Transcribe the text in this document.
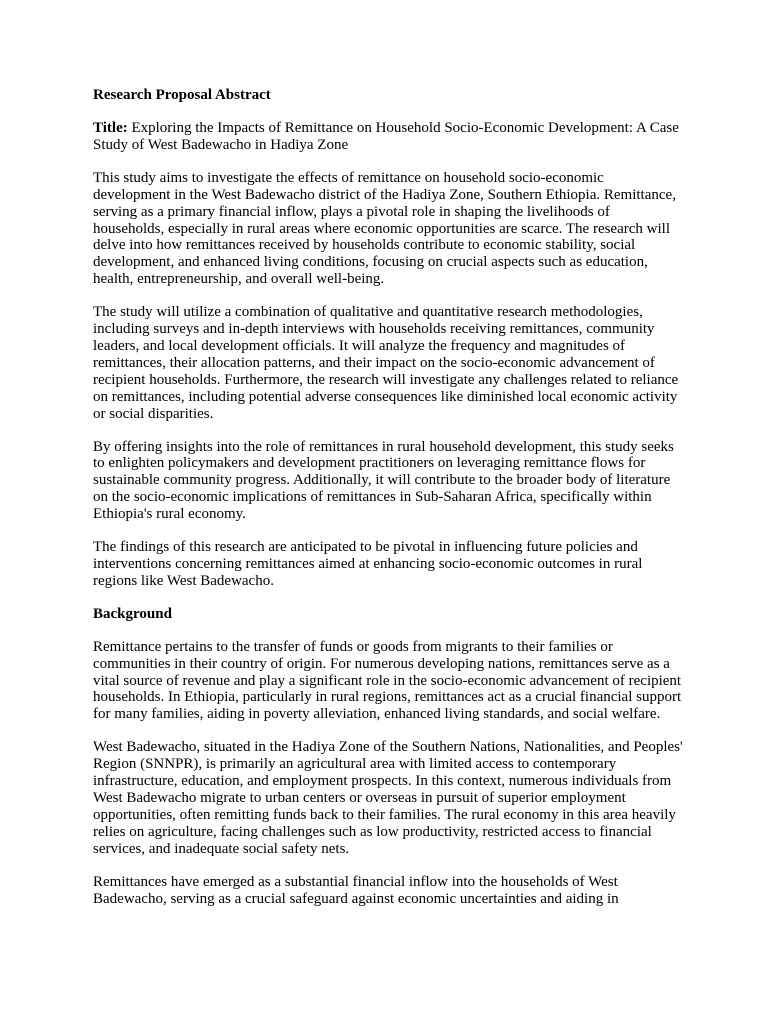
Research Proposal Abstract

Title: Exploring the Impacts of Remittance on Household Socio-Economic Development: A Case Study of West Badewacho in Hadiya Zone

This study aims to investigate the effects of remittance on household socio-economic development in the West Badewacho district of the Hadiya Zone, Southern Ethiopia. Remittance, serving as a primary financial inflow, plays a pivotal role in shaping the livelihoods of households, especially in rural areas where economic opportunities are scarce. The research will delve into how remittances received by households contribute to economic stability, social development, and enhanced living conditions, focusing on crucial aspects such as education, health, entrepreneurship, and overall well-being.

The study will utilize a combination of qualitative and quantitative research methodologies, including surveys and in-depth interviews with households receiving remittances, community leaders, and local development officials. It will analyze the frequency and magnitudes of remittances, their allocation patterns, and their impact on the socio-economic advancement of recipient households. Furthermore, the research will investigate any challenges related to reliance on remittances, including potential adverse consequences like diminished local economic activity or social disparities.

By offering insights into the role of remittances in rural household development, this study seeks to enlighten policymakers and development practitioners on leveraging remittance flows for sustainable community progress. Additionally, it will contribute to the broader body of literature on the socio-economic implications of remittances in Sub-Saharan Africa, specifically within Ethiopia's rural economy.

The findings of this research are anticipated to be pivotal in influencing future policies and interventions concerning remittances aimed at enhancing socio-economic outcomes in rural regions like West Badewacho.

Background

Remittance pertains to the transfer of funds or goods from migrants to their families or communities in their country of origin. For numerous developing nations, remittances serve as a vital source of revenue and play a significant role in the socio-economic advancement of recipient households. In Ethiopia, particularly in rural regions, remittances act as a crucial financial support for many families, aiding in poverty alleviation, enhanced living standards, and social welfare.

West Badewacho, situated in the Hadiya Zone of the Southern Nations, Nationalities, and Peoples' Region (SNNPR), is primarily an agricultural area with limited access to contemporary infrastructure, education, and employment prospects. In this context, numerous individuals from West Badewacho migrate to urban centers or overseas in pursuit of superior employment opportunities, often remitting funds back to their families. The rural economy in this area heavily relies on agriculture, facing challenges such as low productivity, restricted access to financial services, and inadequate social safety nets.

Remittances have emerged as a substantial financial inflow into the households of West Badewacho, serving as a crucial safeguard against economic uncertainties and aiding in
